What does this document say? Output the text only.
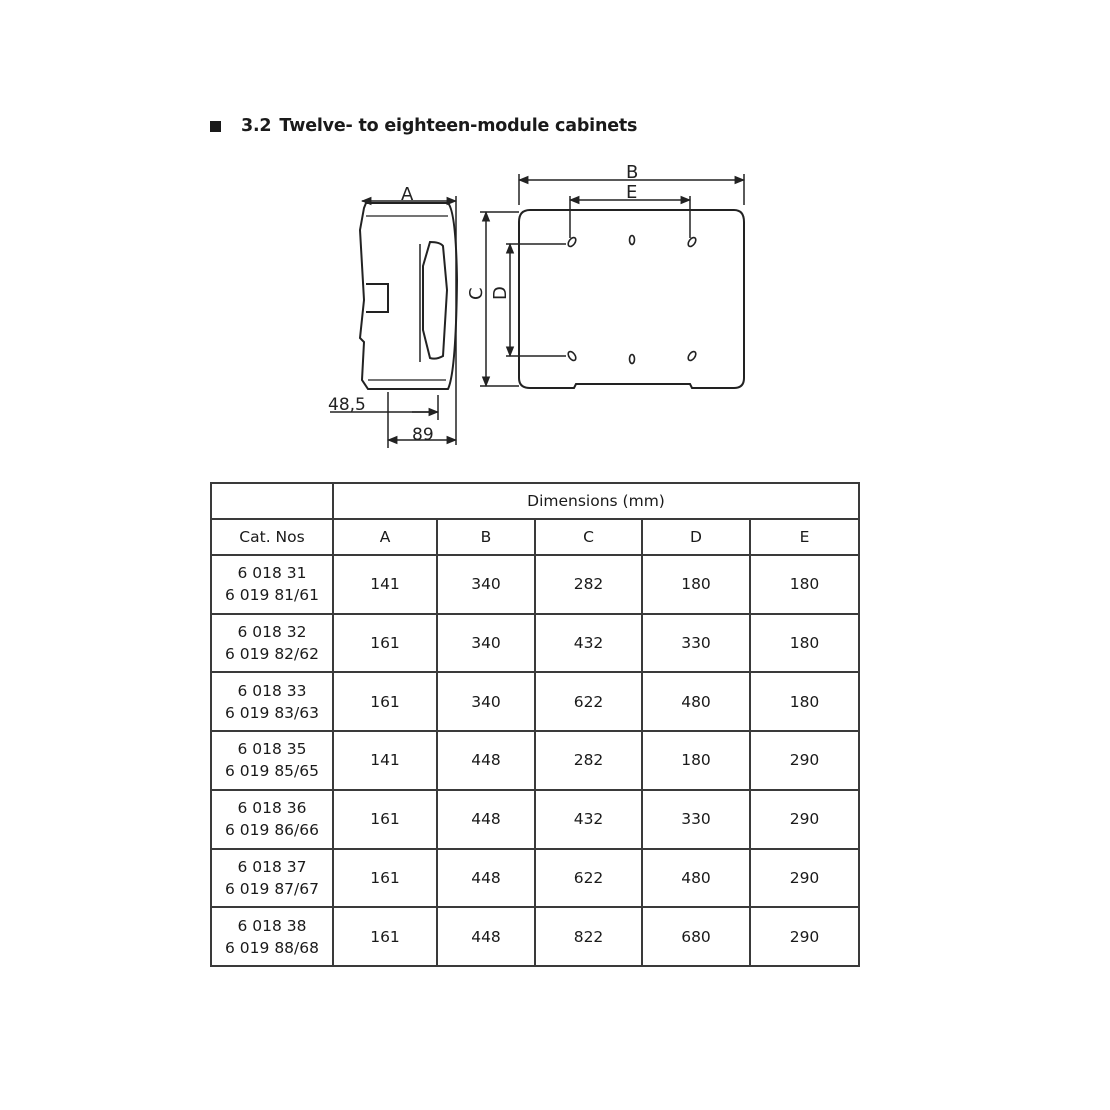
3.2 Twelve- to eighteen-module cabinets
A
48,5
89
B
E
C D
	Dimensions (mm)				
Cat. Nos	A	B	C	D	E

6 018 31
6 019 81/61	141	340	282	180	180

6 018 32
6 019 82/62	161	340	432	330	180

6 018 33
6 019 83/63	161	340	622	480	180

6 018 35
6 019 85/65	141	448	282	180	290

6 018 36
6 019 86/66	161	448	432	330	290

6 018 37
6 019 87/67	161	448	622	480	290

6 018 38
6 019 88/68	161	448	822	680	290
